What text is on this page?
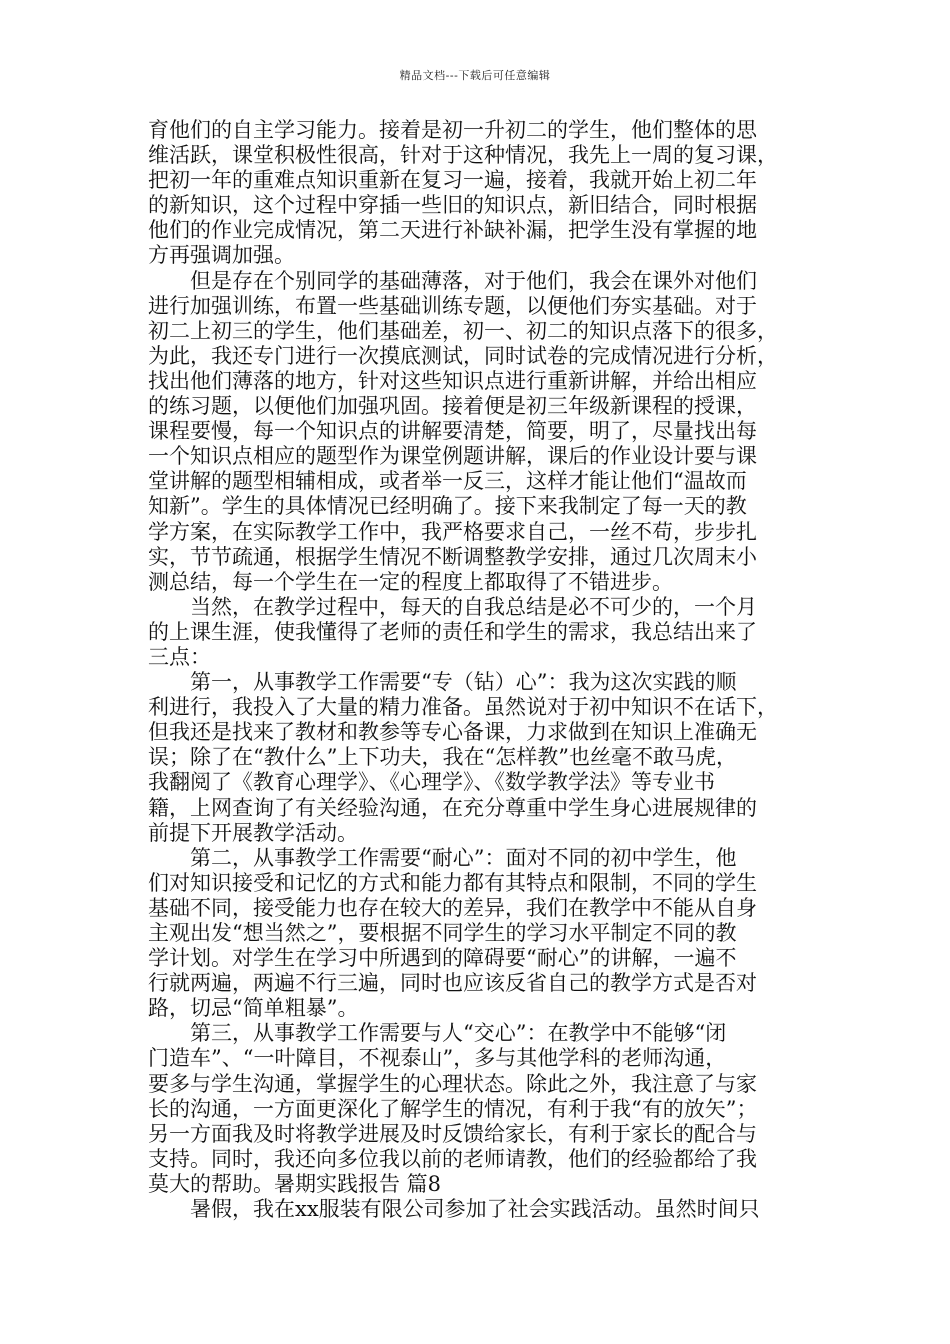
精品文档---下载后可任意编辑
育他们的自主学习能力。接着是初一升初二的学生，他们整体的思
维活跃，课堂积极性很高，针对于这种情况，我先上一周的复习课，
把初一年的重难点知识重新在复习一遍，接着，我就开始上初二年
的新知识，这个过程中穿插一些旧的知识点，新旧结合，同时根据
他们的作业完成情况，第二天进行补缺补漏，把学生没有掌握的地
方再强调加强。
但是存在个别同学的基础薄落，对于他们，我会在课外对他们
进行加强训练，布置一些基础训练专题，以便他们夯实基础。对于
初二上初三的学生，他们基础差，初一、初二的知识点落下的很多，
为此，我还专门进行一次摸底测试，同时试卷的完成情况进行分析，
找出他们薄落的地方，针对这些知识点进行重新讲解，并给出相应
的练习题，以便他们加强巩固。接着便是初三年级新课程的授课，
课程要慢，每一个知识点的讲解要清楚，简要，明了，尽量找出每
一个知识点相应的题型作为课堂例题讲解，课后的作业设计要与课
堂讲解的题型相辅相成，或者举一反三，这样才能让他们“温故而
知新”。学生的具体情况已经明确了。接下来我制定了每一天的教
学方案，在实际教学工作中，我严格要求自己，一丝不苟，步步扎
实，节节疏通，根据学生情况不断调整教学安排，通过几次周末小
测总结，每一个学生在一定的程度上都取得了不错进步。
当然，在教学过程中，每天的自我总结是必不可少的，一个月
的上课生涯，使我懂得了老师的责任和学生的需求，我总结出来了
三点：
第一，从事教学工作需要“专（钻）心”：我为这次实践的顺
利进行，我投入了大量的精力准备。虽然说对于初中知识不在话下，
但我还是找来了教材和教参等专心备课，力求做到在知识上准确无
误；除了在“教什么”上下功夫，我在“怎样教”也丝毫不敢马虎，
我翻阅了《教育心理学》、《心理学》、《数学教学法》等专业书
籍，上网查询了有关经验沟通，在充分尊重中学生身心进展规律的
前提下开展教学活动。
第二，从事教学工作需要“耐心”：面对不同的初中学生，他
们对知识接受和记忆的方式和能力都有其特点和限制，不同的学生
基础不同，接受能力也存在较大的差异，我们在教学中不能从自身
主观出发“想当然之”，要根据不同学生的学习水平制定不同的教
学计划。对学生在学习中所遇到的障碍要“耐心”的讲解，一遍不
行就两遍，两遍不行三遍，同时也应该反省自己的教学方式是否对
路，切忌“简单粗暴”。
第三，从事教学工作需要与人“交心”：在教学中不能够“闭
门造车”、“一叶障目，不视泰山”，多与其他学科的老师沟通，
要多与学生沟通，掌握学生的心理状态。除此之外，我注意了与家
长的沟通，一方面更深化了解学生的情况，有利于我“有的放矢”；
另一方面我及时将教学进展及时反馈给家长，有利于家长的配合与
支持。同时，我还向多位我以前的老师请教，他们的经验都给了我
莫大的帮助。暑期实践报告 篇8
暑假，我在xx服装有限公司参加了社会实践活动。虽然时间只
